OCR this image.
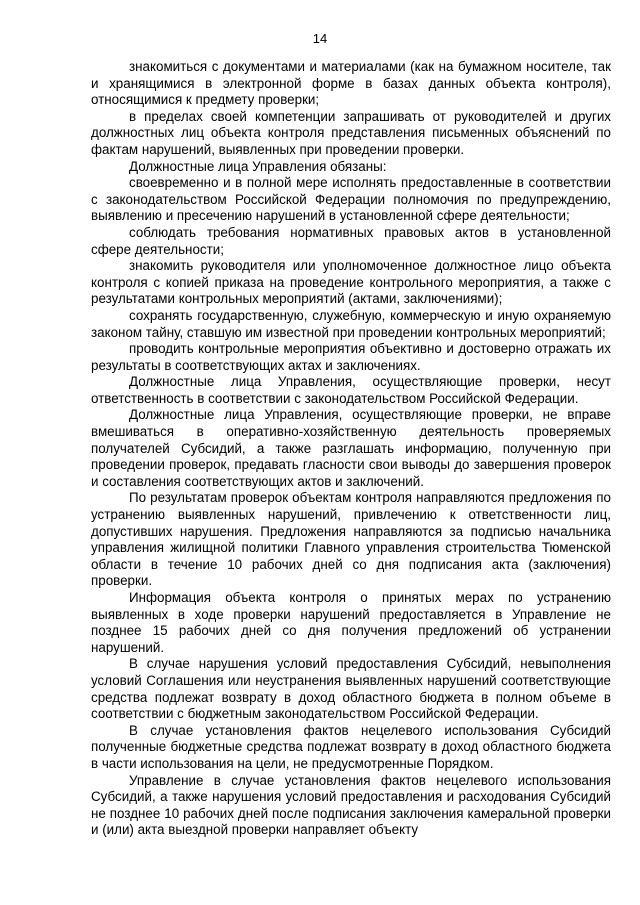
14

знакомиться с документами и материалами (как на бумажном носителе, так и хранящимися в электронной форме в базах данных объекта контроля), относящимися к предмету проверки;

в пределах своей компетенции запрашивать от руководителей и других должностных лиц объекта контроля представления письменных объяснений по фактам нарушений, выявленных при проведении проверки.

Должностные лица Управления обязаны:

своевременно и в полной мере исполнять предоставленные в соответствии с законодательством Российской Федерации полномочия по предупреждению, выявлению и пресечению нарушений в установленной сфере деятельности;

соблюдать требования нормативных правовых актов в установленной сфере деятельности;

знакомить руководителя или уполномоченное должностное лицо объекта контроля с копией приказа на проведение контрольного мероприятия, а также с результатами контрольных мероприятий (актами, заключениями);

сохранять государственную, служебную, коммерческую и иную охраняемую законом тайну, ставшую им известной при проведении контрольных мероприятий;

проводить контрольные мероприятия объективно и достоверно отражать их результаты в соответствующих актах и заключениях.

Должностные лица Управления, осуществляющие проверки, несут ответственность в соответствии с законодательством Российской Федерации.

Должностные лица Управления, осуществляющие проверки, не вправе вмешиваться в оперативно-хозяйственную деятельность проверяемых получателей Субсидий, а также разглашать информацию, полученную при проведении проверок, предавать гласности свои выводы до завершения проверок и составления соответствующих актов и заключений.

По результатам проверок объектам контроля направляются предложения по устранению выявленных нарушений, привлечению к ответственности лиц, допустивших нарушения. Предложения направляются за подписью начальника управления жилищной политики Главного управления строительства Тюменской области в течение 10 рабочих дней со дня подписания акта (заключения) проверки.

Информация объекта контроля о принятых мерах по устранению выявленных в ходе проверки нарушений предоставляется в Управление не позднее 15 рабочих дней со дня получения предложений об устранении нарушений.

В случае нарушения условий предоставления Субсидий, невыполнения условий Соглашения или неустранения выявленных нарушений соответствующие средства подлежат возврату в доход областного бюджета в полном объеме в соответствии с бюджетным законодательством Российской Федерации.

В случае установления фактов нецелевого использования Субсидий полученные бюджетные средства подлежат возврату в доход областного бюджета в части использования на цели, не предусмотренные Порядком.

Управление в случае установления фактов нецелевого использования Субсидий, а также нарушения условий предоставления и расходования Субсидий не позднее 10 рабочих дней после подписания заключения камеральной проверки и (или) акта выездной проверки направляет объекту
